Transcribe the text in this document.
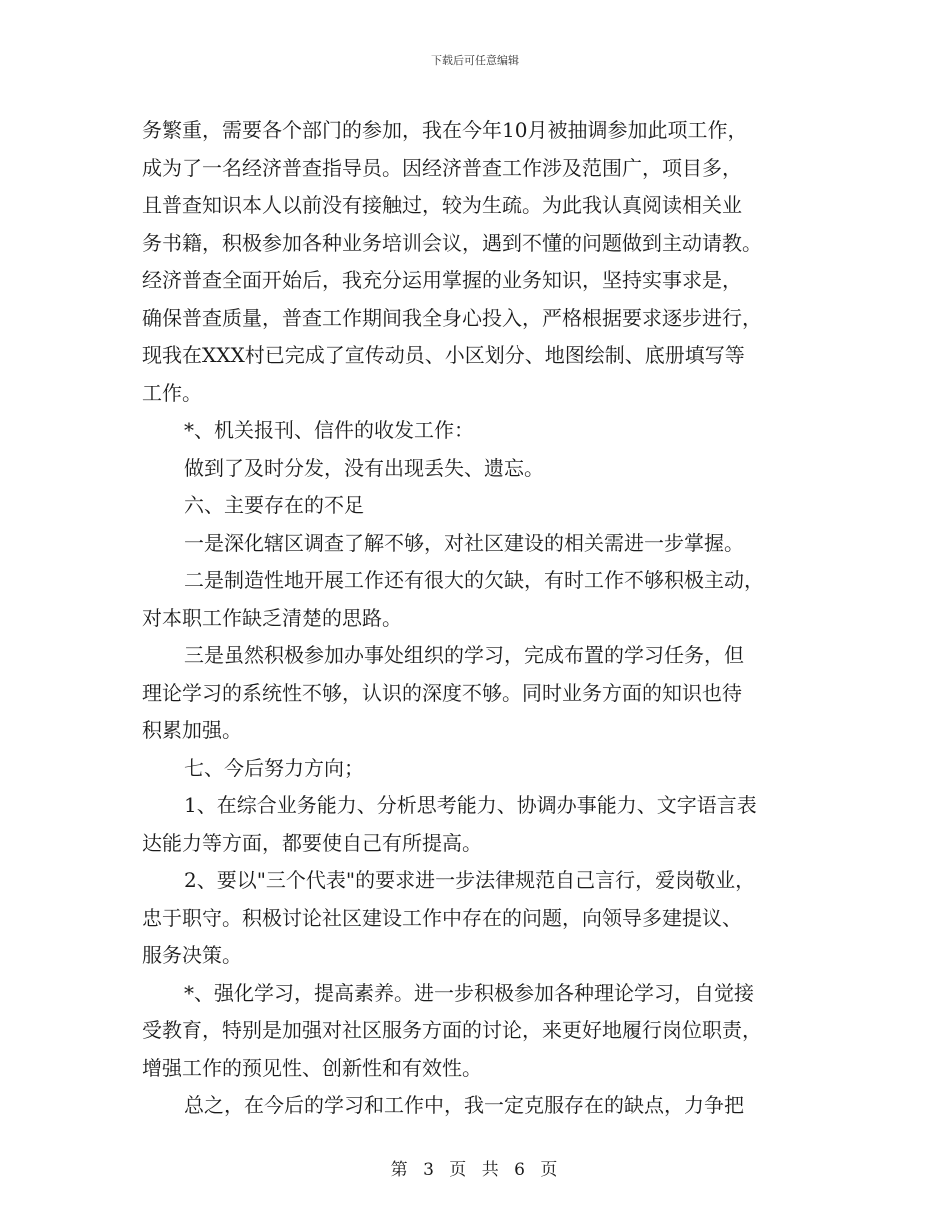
下载后可任意编辑
务繁重，需要各个部门的参加，我在今年10月被抽调参加此项工作，
成为了一名经济普查指导员。因经济普查工作涉及范围广，项目多，
且普查知识本人以前没有接触过，较为生疏。为此我认真阅读相关业
务书籍，积极参加各种业务培训会议，遇到不懂的问题做到主动请教。
经济普查全面开始后，我充分运用掌握的业务知识，坚持实事求是，
确保普查质量，普查工作期间我全身心投入，严格根据要求逐步进行，
现我在XXX村已完成了宣传动员、小区划分、地图绘制、底册填写等
工作。
*、机关报刊、信件的收发工作：
做到了及时分发，没有出现丢失、遗忘。
六、主要存在的不足
一是深化辖区调查了解不够，对社区建设的相关需进一步掌握。
二是制造性地开展工作还有很大的欠缺，有时工作不够积极主动，
对本职工作缺乏清楚的思路。
三是虽然积极参加办事处组织的学习，完成布置的学习任务，但
理论学习的系统性不够，认识的深度不够。同时业务方面的知识也待
积累加强。
七、今后努力方向；
1、在综合业务能力、分析思考能力、协调办事能力、文字语言表
达能力等方面，都要使自己有所提高。
2、要以"三个代表"的要求进一步法律规范自己言行，爱岗敬业，
忠于职守。积极讨论社区建设工作中存在的问题，向领导多建提议、
服务决策。
*、强化学习，提高素养。进一步积极参加各种理论学习，自觉接
受教育，特别是加强对社区服务方面的讨论，来更好地履行岗位职责，
增强工作的预见性、创新性和有效性。
总之，在今后的学习和工作中，我一定克服存在的缺点，力争把
第 3 页 共 6 页
